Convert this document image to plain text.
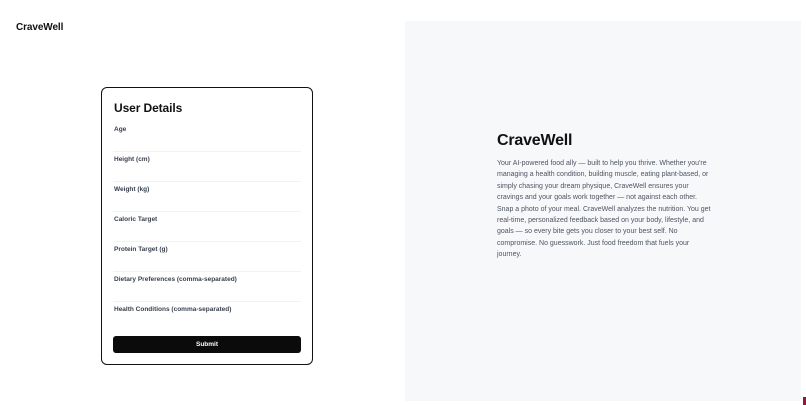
CraveWell
User Details
Age
Height (cm)
Weight (kg)
Caloric Target
Protein Target (g)
Dietary Preferences (comma-separated)
Health Conditions (comma-separated)
Submit
CraveWell

Your AI-powered food ally — built to help you thrive. Whether you're managing a health condition, building muscle, eating plant-based, or simply chasing your dream physique, CraveWell ensures your cravings and your goals work together — not against each other. Snap a photo of your meal. CraveWell analyzes the nutrition. You get real-time, personalized feedback based on your body, lifestyle, and goals — so every bite gets you closer to your best self. No compromise. No guesswork. Just food freedom that fuels your journey.
